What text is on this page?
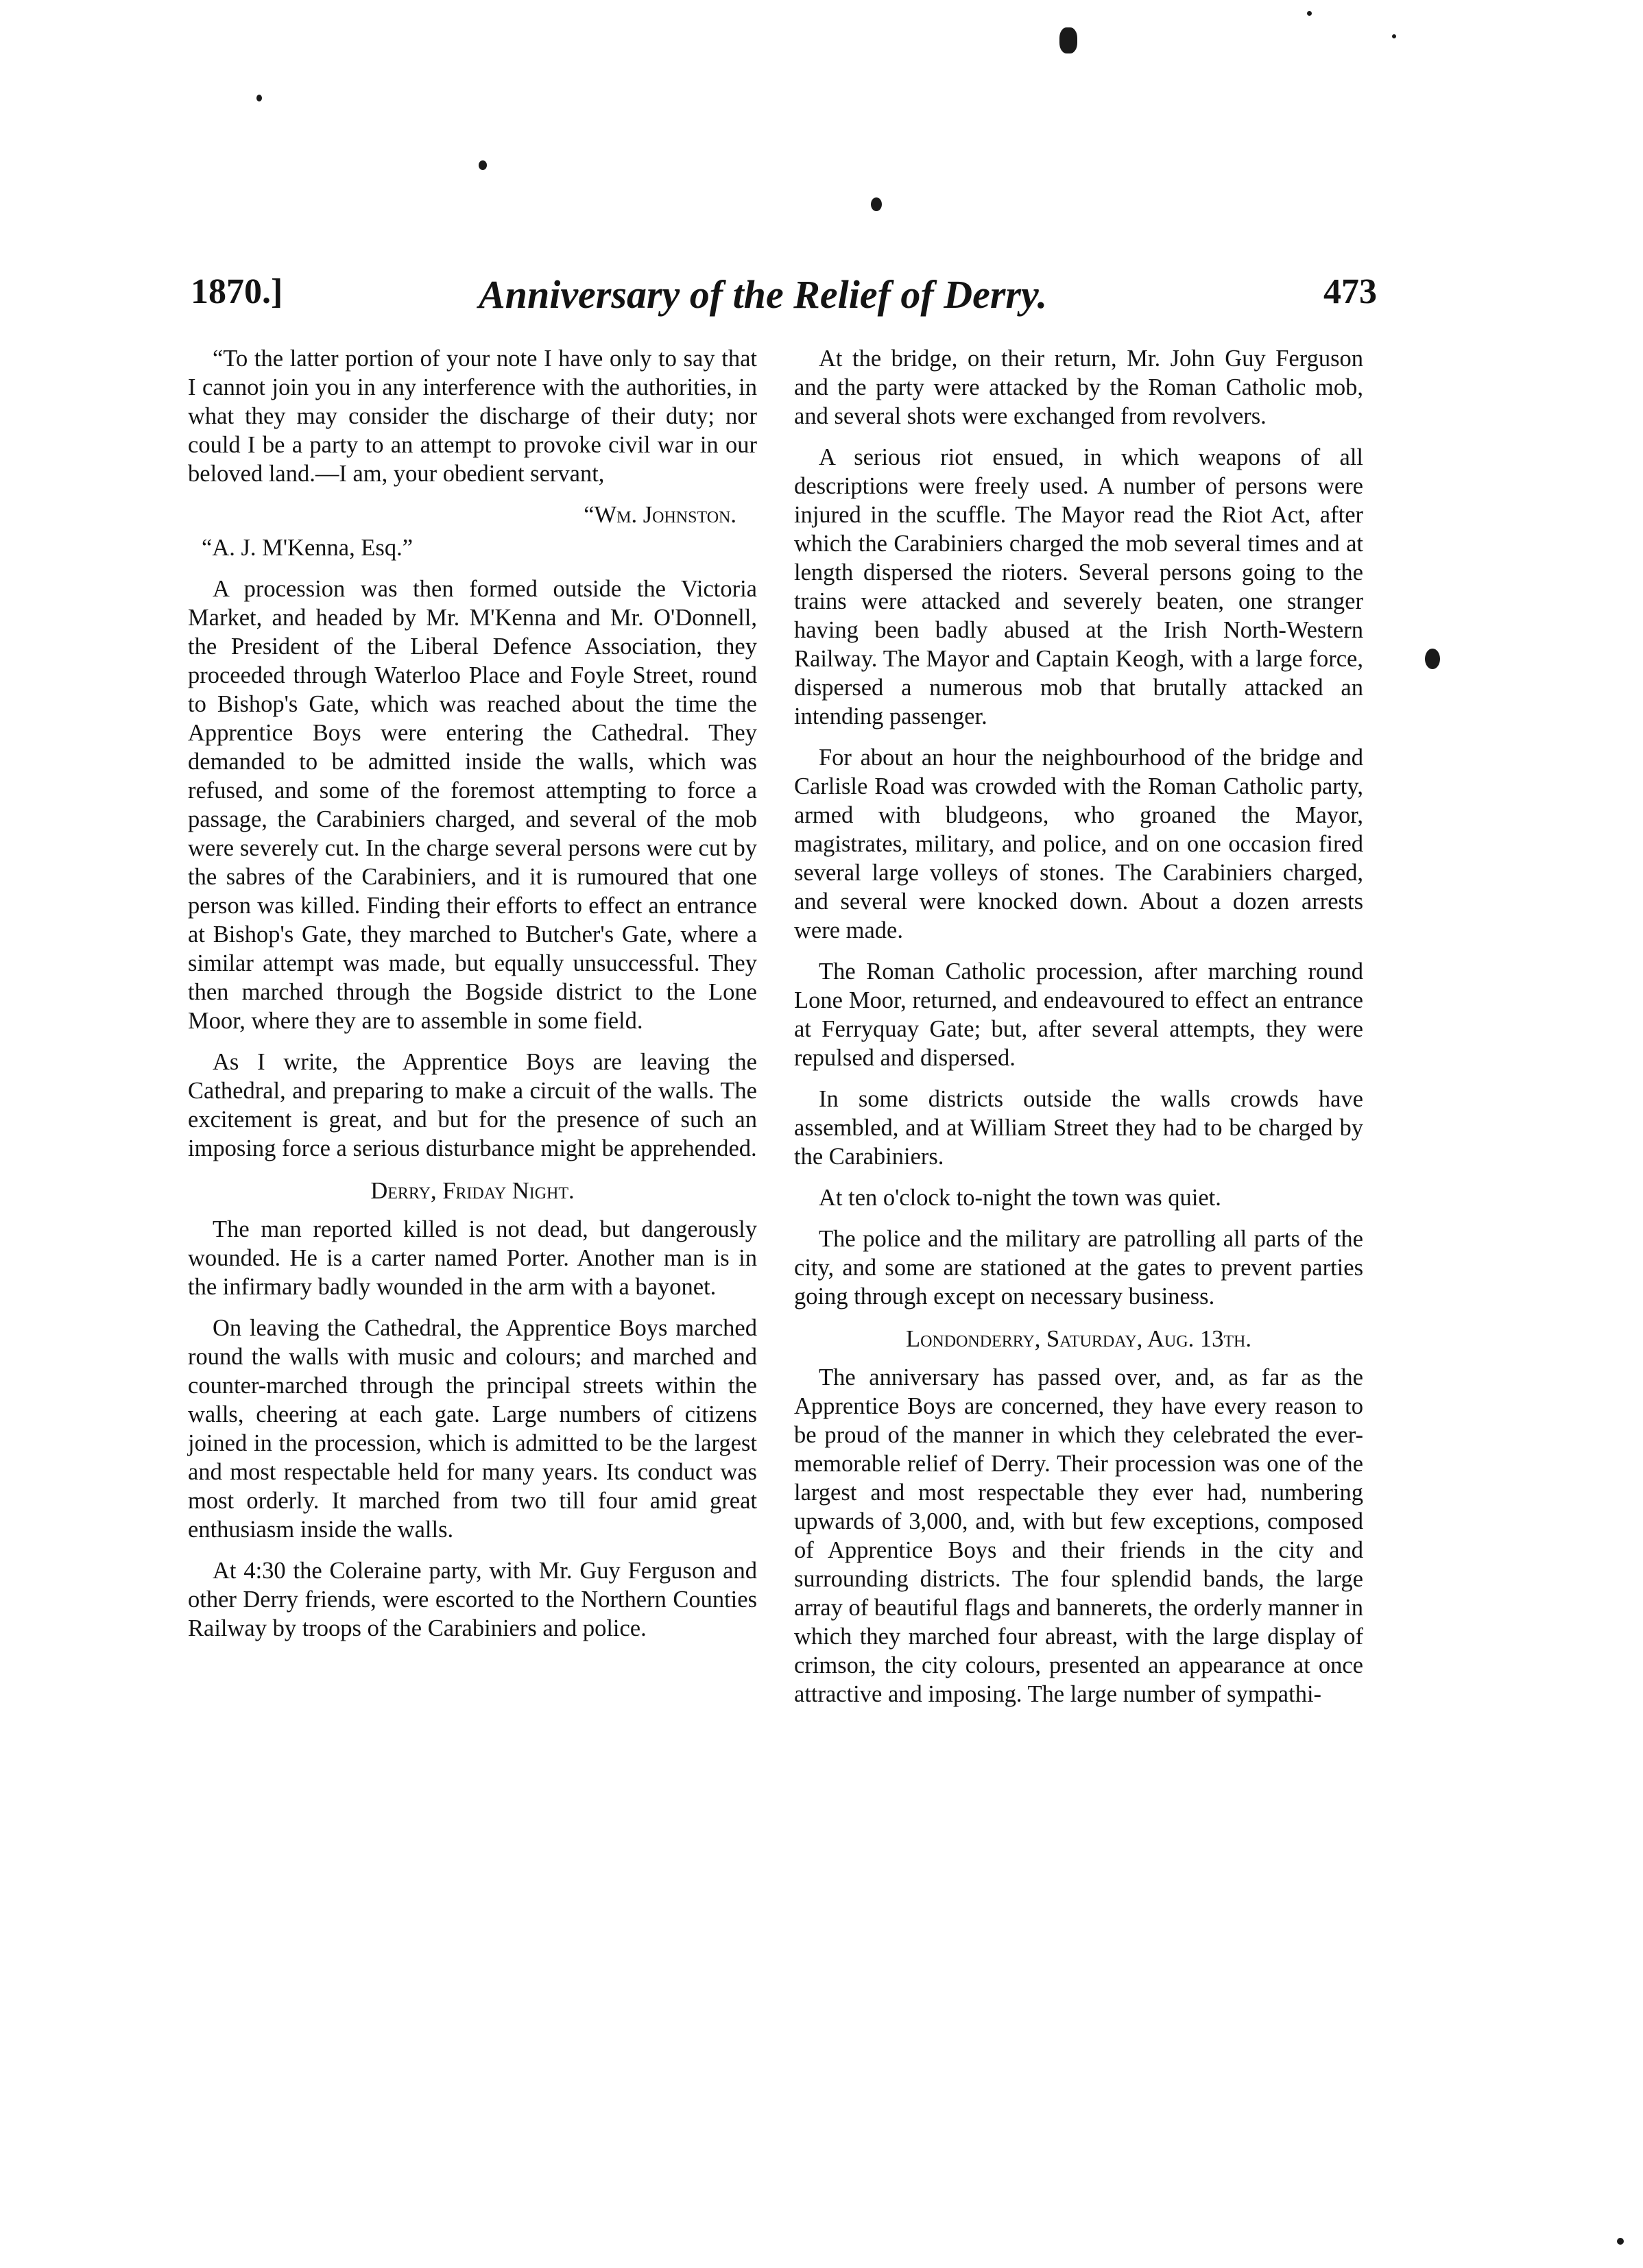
1870.]	Anniversary of the Relief of Derry.	473

“To the latter portion of your note I have only to say that I cannot join you in any interference with the authorities, in what they may consider the discharge of their duty; nor could I be a party to an attempt to provoke civil war in our beloved land.—I am, your obedient servant,

“Wm. Johnston.

“A. J. M'Kenna, Esq.”

A procession was then formed outside the Victoria Market, and headed by Mr. M'Kenna and Mr. O'Donnell, the President of the Liberal Defence Association, they proceeded through Waterloo Place and Foyle Street, round to Bishop's Gate, which was reached about the time the Apprentice Boys were entering the Cathedral. They demanded to be admitted inside the walls, which was refused, and some of the foremost attempting to force a passage, the Carabiniers charged, and several of the mob were severely cut. In the charge several persons were cut by the sabres of the Carabiniers, and it is rumoured that one person was killed. Finding their efforts to effect an entrance at Bishop's Gate, they marched to Butcher's Gate, where a similar attempt was made, but equally unsuccessful. They then marched through the Bogside district to the Lone Moor, where they are to assemble in some field.

As I write, the Apprentice Boys are leaving the Cathedral, and preparing to make a circuit of the walls. The excitement is great, and but for the presence of such an imposing force a serious disturbance might be apprehended.

Derry, Friday Night.

The man reported killed is not dead, but dangerously wounded. He is a carter named Porter. Another man is in the infirmary badly wounded in the arm with a bayonet.

On leaving the Cathedral, the Apprentice Boys marched round the walls with music and colours; and marched and counter-marched through the principal streets within the walls, cheering at each gate. Large numbers of citizens joined in the procession, which is admitted to be the largest and most respectable held for many years. Its conduct was most orderly. It marched from two till four amid great enthusiasm inside the walls.

At 4:30 the Coleraine party, with Mr. Guy Ferguson and other Derry friends, were escorted to the Northern Counties Railway by troops of the Carabiniers and police.

At the bridge, on their return, Mr. John Guy Ferguson and the party were attacked by the Roman Catholic mob, and several shots were exchanged from revolvers.

A serious riot ensued, in which weapons of all descriptions were freely used. A number of persons were injured in the scuffle. The Mayor read the Riot Act, after which the Carabiniers charged the mob several times and at length dispersed the rioters. Several persons going to the trains were attacked and severely beaten, one stranger having been badly abused at the Irish North-Western Railway. The Mayor and Captain Keogh, with a large force, dispersed a numerous mob that brutally attacked an intending passenger.

For about an hour the neighbourhood of the bridge and Carlisle Road was crowded with the Roman Catholic party, armed with bludgeons, who groaned the Mayor, magistrates, military, and police, and on one occasion fired several large volleys of stones. The Carabiniers charged, and several were knocked down. About a dozen arrests were made.

The Roman Catholic procession, after marching round Lone Moor, returned, and endeavoured to effect an entrance at Ferryquay Gate; but, after several attempts, they were repulsed and dispersed.

In some districts outside the walls crowds have assembled, and at William Street they had to be charged by the Carabiniers.

At ten o'clock to-night the town was quiet.

The police and the military are patrolling all parts of the city, and some are stationed at the gates to prevent parties going through except on necessary business.

Londonderry, Saturday, Aug. 13th.

The anniversary has passed over, and, as far as the Apprentice Boys are concerned, they have every reason to be proud of the manner in which they celebrated the ever-memorable relief of Derry. Their procession was one of the largest and most respectable they ever had, numbering upwards of 3,000, and, with but few exceptions, composed of Apprentice Boys and their friends in the city and surrounding districts. The four splendid bands, the large array of beautiful flags and bannerets, the orderly manner in which they marched four abreast, with the large display of crimson, the city colours, presented an appearance at once attractive and imposing. The large number of sympathi-
